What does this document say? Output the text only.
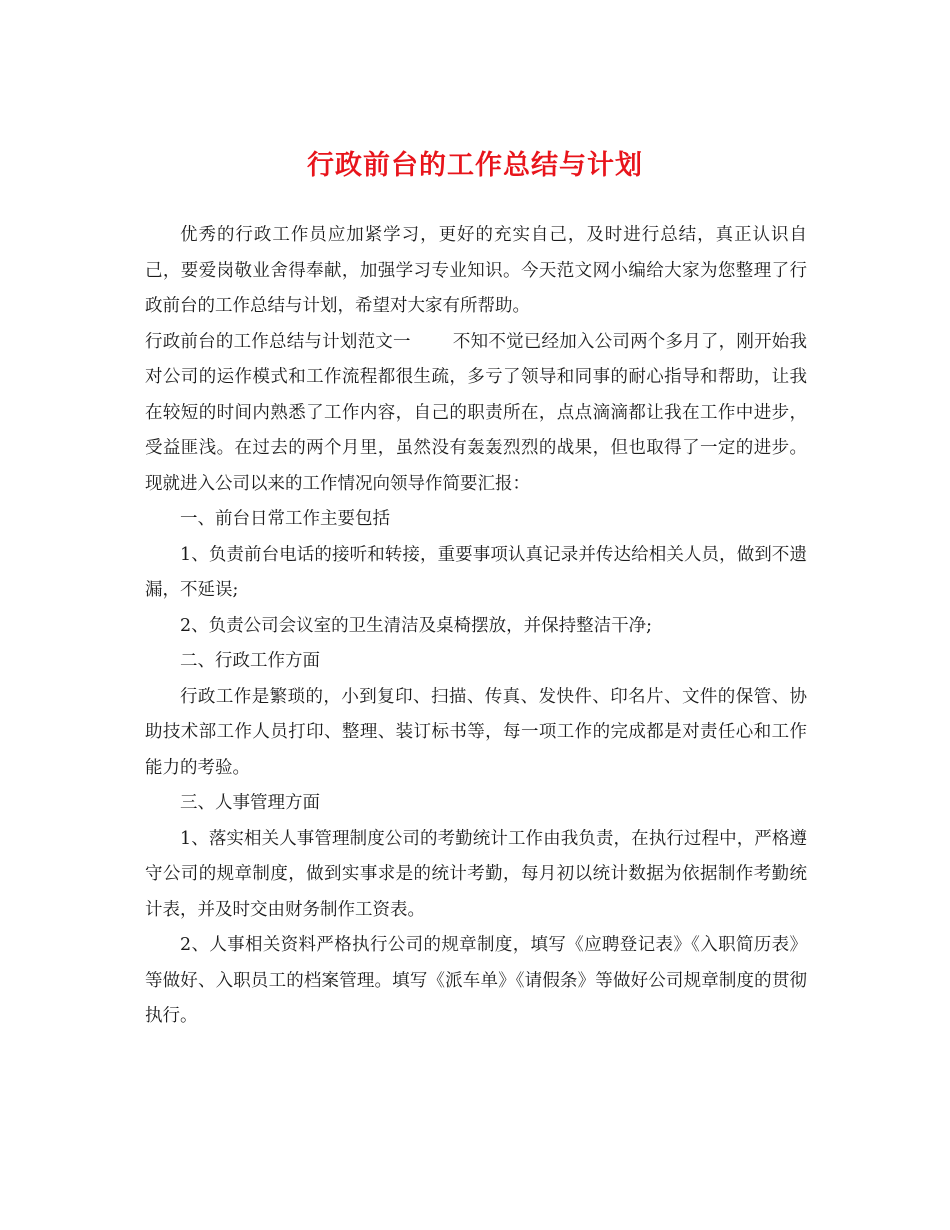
行政前台的工作总结与计划

优秀的行政工作员应加紧学习，更好的充实自己，及时进行总结，真正认识自己，要爱岗敬业舍得奉献，加强学习专业知识。今天范文网小编给大家为您整理了行政前台的工作总结与计划，希望对大家有所帮助。

行政前台的工作总结与计划范文一 不知不觉已经加入公司两个多月了，刚开始我对公司的运作模式和工作流程都很生疏，多亏了领导和同事的耐心指导和帮助，让我在较短的时间内熟悉了工作内容，自己的职责所在，点点滴滴都让我在工作中进步，受益匪浅。在过去的两个月里，虽然没有轰轰烈烈的战果，但也取得了一定的进步。现就进入公司以来的工作情况向领导作简要汇报：

一、前台日常工作主要包括

1、负责前台电话的接听和转接，重要事项认真记录并传达给相关人员，做到不遗漏，不延误;

2、负责公司会议室的卫生清洁及桌椅摆放，并保持整洁干净;

二、行政工作方面

行政工作是繁琐的，小到复印、扫描、传真、发快件、印名片、文件的保管、协助技术部工作人员打印、整理、装订标书等，每一项工作的完成都是对责任心和工作能力的考验。

三、人事管理方面

1、落实相关人事管理制度公司的考勤统计工作由我负责，在执行过程中，严格遵守公司的规章制度，做到实事求是的统计考勤，每月初以统计数据为依据制作考勤统计表，并及时交由财务制作工资表。

2、人事相关资料严格执行公司的规章制度，填写《应聘登记表》《入职简历表》等做好、入职员工的档案管理。填写《派车单》《请假条》等做好公司规章制度的贯彻执行。
